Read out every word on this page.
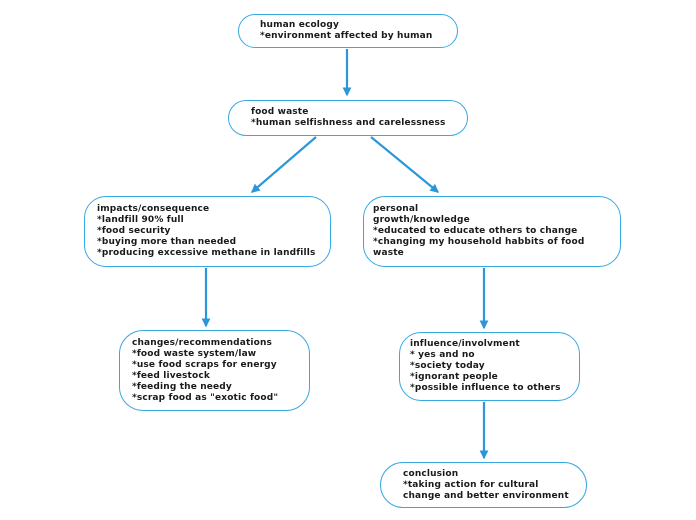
human ecology
*environment affected by human
food waste
*human selfishness and carelessness
impacts/consequence
*landfill 90% full
*food security
*buying more than needed
*producing excessive methane in landfills
personal
growth/knowledge
*educated to educate others to change
*changing my household habbits of food
waste
changes/recommendations
*food waste system/law
*use food scraps for energy
*feed livestock
*feeding the needy
*scrap food as "exotic food"
influence/involvment
* yes and no
*society today
*ignorant people
*possible influence to others
conclusion
*taking action for cultural
change and better environment
